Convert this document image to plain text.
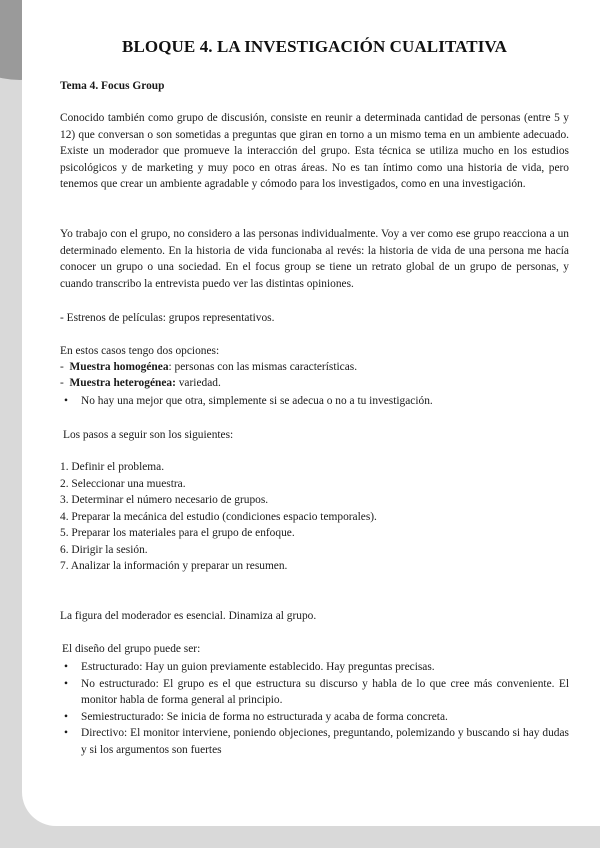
BLOQUE 4. LA INVESTIGACIÓN CUALITATIVA

Tema 4. Focus Group

Conocido también como grupo de discusión, consiste en reunir a determinada cantidad de personas (entre 5 y 12) que conversan o son sometidas a preguntas que giran en torno a un mismo tema en un ambiente adecuado. Existe un moderador que promueve la interacción del grupo. Esta técnica se utiliza mucho en los estudios psicológicos y de marketing y muy poco en otras áreas. No es tan íntimo como una historia de vida, pero tenemos que crear un ambiente agradable y cómodo para los investigados, como en una investigación.

Yo trabajo con el grupo, no considero a las personas individualmente. Voy a ver como ese grupo reacciona a un determinado elemento. En la historia de vida funcionaba al revés: la historia de vida de una persona me hacía conocer un grupo o una sociedad. En el focus group se tiene un retrato global de un grupo de personas, y cuando transcribo la entrevista puedo ver las distintas opiniones.

- Estrenos de películas: grupos representativos.

En estos casos tengo dos opciones:

- Muestra homogénea: personas con las mismas características.

- Muestra heterogénea: variedad.

• No hay una mejor que otra, simplemente si se adecua o no a tu investigación.

Los pasos a seguir son los siguientes:

1. Definir el problema.
2. Seleccionar una muestra.
3. Determinar el número necesario de grupos.
4. Preparar la mecánica del estudio (condiciones espacio temporales).
5. Preparar los materiales para el grupo de enfoque.
6. Dirigir la sesión.
7. Analizar la información y preparar un resumen.

La figura del moderador es esencial. Dinamiza al grupo.

El diseño del grupo puede ser:

• Estructurado: Hay un guion previamente establecido. Hay preguntas precisas.
• No estructurado: El grupo es el que estructura su discurso y habla de lo que cree más conveniente. El monitor habla de forma general al principio.
• Semiestructurado: Se inicia de forma no estructurada y acaba de forma concreta.
• Directivo: El monitor interviene, poniendo objeciones, preguntando, polemizando y buscando si hay dudas y si los argumentos son fuertes
